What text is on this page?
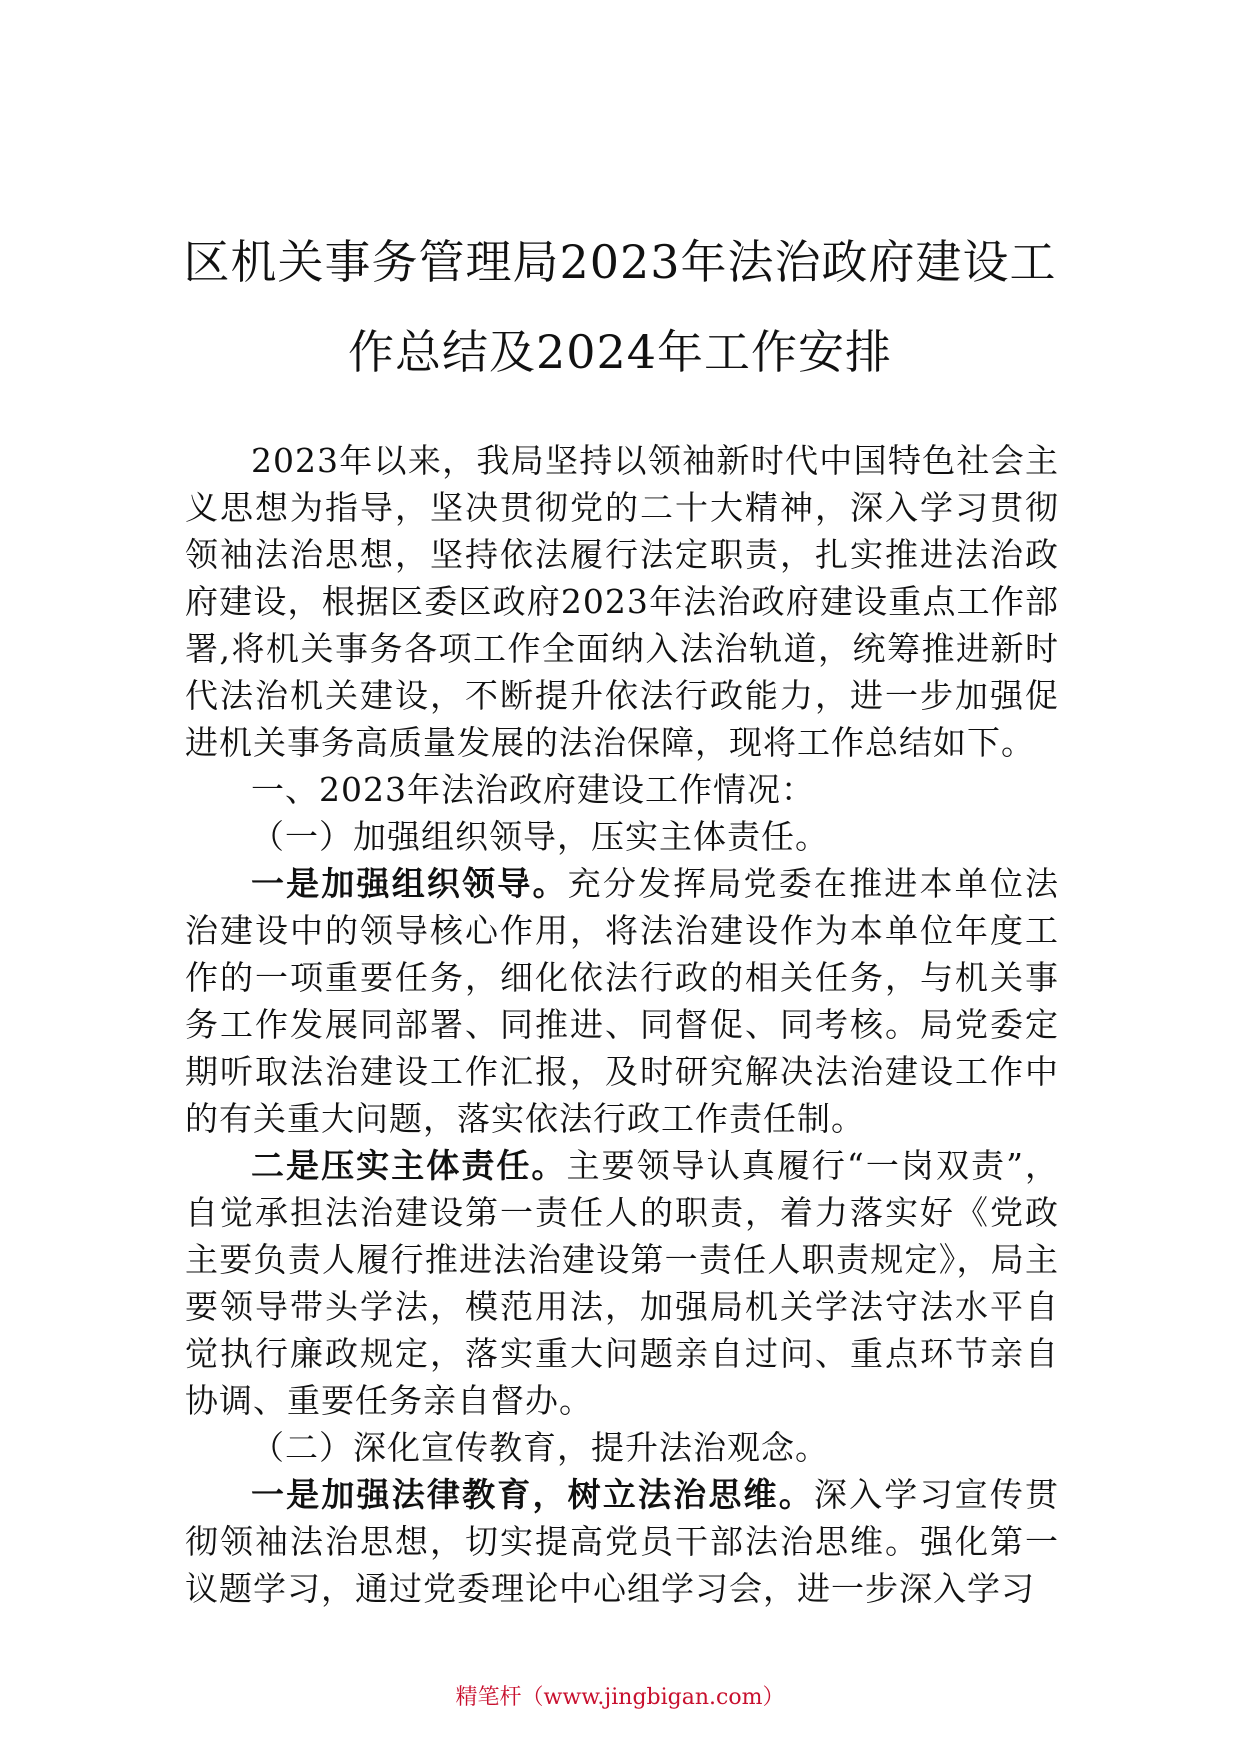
区机关事务管理局2023年法治政府建设工
作总结及2024年工作安排

2023年以来，我局坚持以领袖新时代中国特色社会主义思想为指导，坚决贯彻党的二十大精神，深入学习贯彻领袖法治思想，坚持依法履行法定职责，扎实推进法治政府建设，根据区委区政府2023年法治政府建设重点工作部署,将机关事务各项工作全面纳入法治轨道，统筹推进新时代法治机关建设，不断提升依法行政能力，进一步加强促进机关事务高质量发展的法治保障，现将工作总结如下。

一、2023年法治政府建设工作情况：

（一）加强组织领导，压实主体责任。

一是加强组织领导。充分发挥局党委在推进本单位法治建设中的领导核心作用，将法治建设作为本单位年度工作的一项重要任务，细化依法行政的相关任务，与机关事务工作发展同部署、同推进、同督促、同考核。局党委定期听取法治建设工作汇报，及时研究解决法治建设工作中的有关重大问题，落实依法行政工作责任制。

二是压实主体责任。主要领导认真履行“一岗双责”，自觉承担法治建设第一责任人的职责，着力落实好《党政主要负责人履行推进法治建设第一责任人职责规定》，局主要领导带头学法，模范用法，加强局机关学法守法水平自觉执行廉政规定，落实重大问题亲自过问、重点环节亲自协调、重要任务亲自督办。

（二）深化宣传教育，提升法治观念。

一是加强法律教育，树立法治思维。深入学习宣传贯彻领袖法治思想，切实提高党员干部法治思维。强化第一议题学习，通过党委理论中心组学习会，进一步深入学习

精笔杆（www.jingbigan.com）
